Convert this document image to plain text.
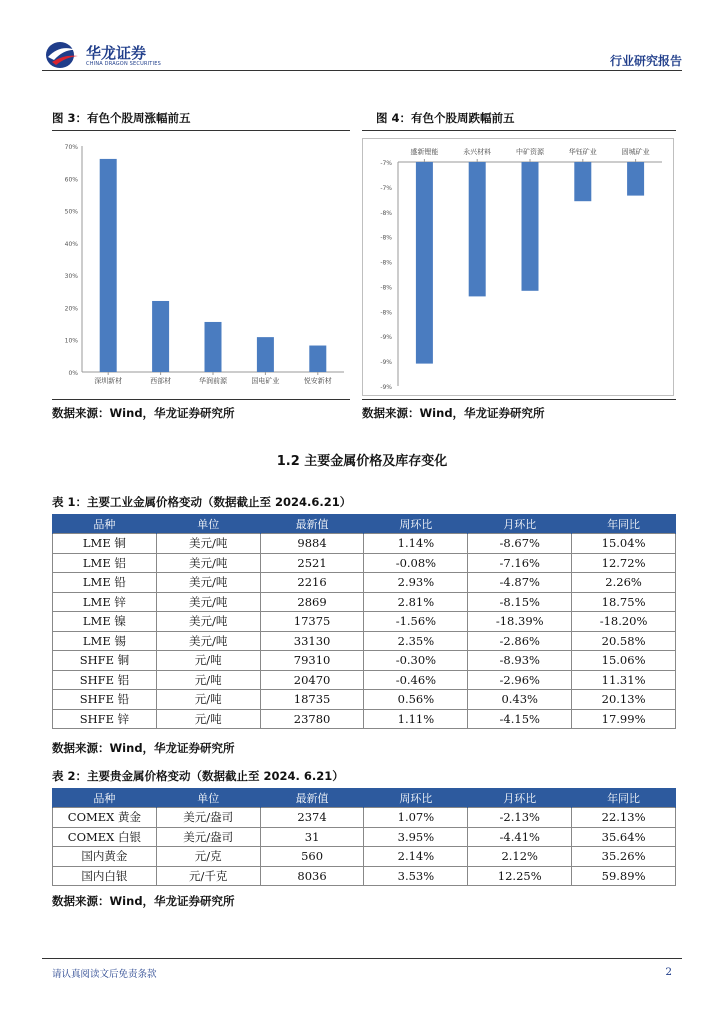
华龙证券
CHINA DRAGON SECURITIES	行业研究报告
图 3：有色个股周涨幅前五
0%
10%
20%
30%
40%
50%
60%
70%
深圳新材	西部材	华润前源	国电矿业	悦安新材
数据来源：Wind，华龙证券研究所
图 4：有色个股周跌幅前五
-7%
-7%
-8%
-8%
-8%
-8%
-8%
-9%
-9%
-9%
盛新锂能	永兴材料	中矿资源	华钰矿业	固城矿业
数据来源：Wind，华龙证券研究所
1.2 主要金属价格及库存变化
表 1：主要工业金属价格变动（数据截止至 2024.6.21）
品种	单位	最新值	周环比	月环比	年同比
LME 铜	美元/吨	9884	1.14%	-8.67%	15.04%
LME 铝	美元/吨	2521	-0.08%	-7.16%	12.72%
LME 铅	美元/吨	2216	2.93%	-4.87%	2.26%
LME 锌	美元/吨	2869	2.81%	-8.15%	18.75%
LME 镍	美元/吨	17375	-1.56%	-18.39%	-18.20%
LME 锡	美元/吨	33130	2.35%	-2.86%	20.58%
SHFE 铜	元/吨	79310	-0.30%	-8.93%	15.06%
SHFE 铝	元/吨	20470	-0.46%	-2.96%	11.31%
SHFE 铅	元/吨	18735	0.56%	0.43%	20.13%
SHFE 锌	元/吨	23780	1.11%	-4.15%	17.99%
数据来源：Wind，华龙证券研究所
表 2：主要贵金属价格变动（数据截止至 2024. 6.21）
品种	单位	最新值	周环比	月环比	年同比
COMEX 黄金	美元/盎司	2374	1.07%	-2.13%	22.13%
COMEX 白银	美元/盎司	31	3.95%	-4.41%	35.64%
国内黄金	元/克	560	2.14%	2.12%	35.26%
国内白银	元/千克	8036	3.53%	12.25%	59.89%
数据来源：Wind，华龙证券研究所
请认真阅读文后免责条款	2
